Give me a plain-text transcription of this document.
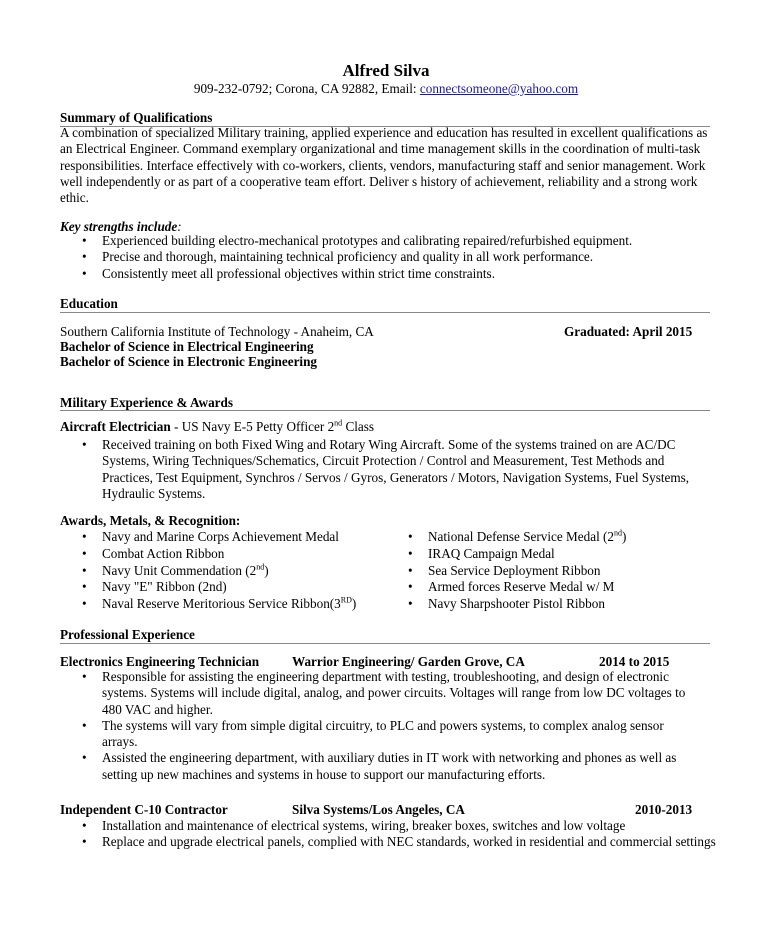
Alfred Silva
909-232-0792; Corona, CA 92882, Email: connectsomeone@yahoo.com
Summary of Qualifications
A combination of specialized Military training, applied experience and education has resulted in excellent qualifications as an Electrical Engineer. Command exemplary organizational and time management skills in the coordination of multi-task responsibilities. Interface effectively with co-workers, clients, vendors, manufacturing staff and senior management. Work well independently or as part of a cooperative team effort. Deliver s history of achievement, reliability and a strong work ethic.
Key strengths include:
• Experienced building electro-mechanical prototypes and calibrating repaired/refurbished equipment.
• Precise and thorough, maintaining technical proficiency and quality in all work performance.
• Consistently meet all professional objectives within strict time constraints.
Education
Southern California Institute of Technology - Anaheim, CA	Graduated: April 2015
Bachelor of Science in Electrical Engineering
Bachelor of Science in Electronic Engineering
Military Experience & Awards
Aircraft Electrician - US Navy E-5 Petty Officer 2nd Class
• Received training on both Fixed Wing and Rotary Wing Aircraft. Some of the systems trained on are AC/DC Systems, Wiring Techniques/Schematics, Circuit Protection / Control and Measurement, Test Methods and Practices, Test Equipment, Synchros / Servos / Gyros, Generators / Motors, Navigation Systems, Fuel Systems, Hydraulic Systems.
Awards, Metals, & Recognition:
• Navy and Marine Corps Achievement Medal
• Combat Action Ribbon
• Navy Unit Commendation (2nd)
• Navy "E" Ribbon (2nd)
• Naval Reserve Meritorious Service Ribbon(3RD)
• National Defense Service Medal (2nd)
• IRAQ Campaign Medal
• Sea Service Deployment Ribbon
• Armed forces Reserve Medal w/ M
• Navy Sharpshooter Pistol Ribbon
Professional Experience
Electronics Engineering Technician Warrior Engineering/ Garden Grove, CA	2014 to 2015
• Responsible for assisting the engineering department with testing, troubleshooting, and design of electronic systems. Systems will include digital, analog, and power circuits. Voltages will range from low DC voltages to 480 VAC and higher.
• The systems will vary from simple digital circuitry, to PLC and powers systems, to complex analog sensor arrays.
• Assisted the engineering department, with auxiliary duties in IT work with networking and phones as well as setting up new machines and systems in house to support our manufacturing efforts.
Independent C-10 Contractor	Silva Systems/Los Angeles, CA	2010-2013
• Installation and maintenance of electrical systems, wiring, breaker boxes, switches and low voltage
• Replace and upgrade electrical panels, complied with NEC standards, worked in residential and commercial settings
